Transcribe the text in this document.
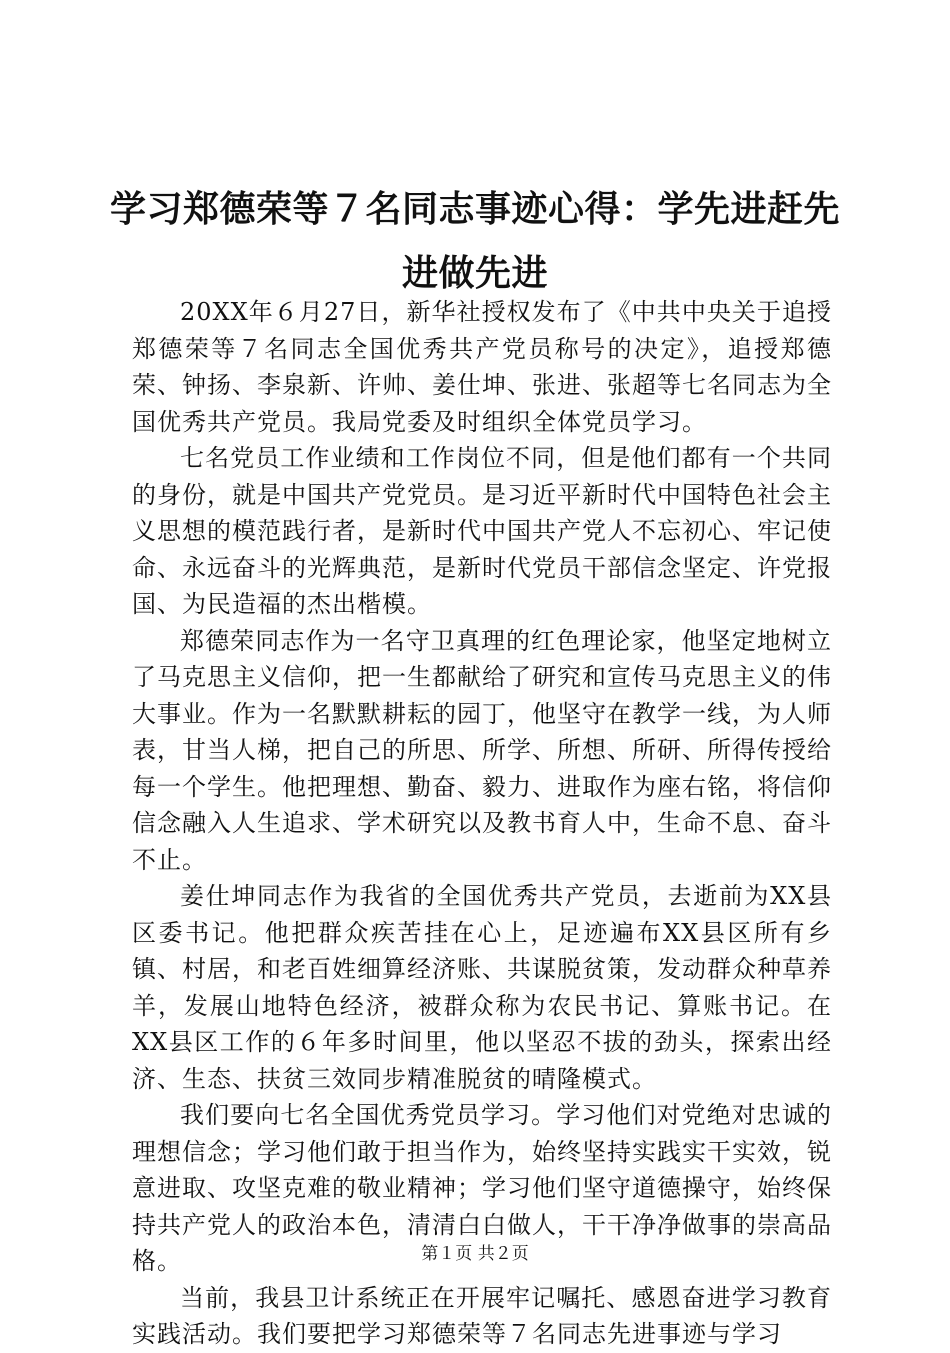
学习郑德荣等７名同志事迹心得：学先进赶先进做先进

20XX年６月27日，新华社授权发布了《中共中央关于追授郑德荣等７名同志全国优秀共产党员称号的决定》，追授郑德荣、钟扬、李泉新、许帅、姜仕坤、张进、张超等七名同志为全国优秀共产党员。我局党委及时组织全体党员学习。

七名党员工作业绩和工作岗位不同，但是他们都有一个共同的身份，就是中国共产党党员。是习近平新时代中国特色社会主义思想的模范践行者，是新时代中国共产党人不忘初心、牢记使命、永远奋斗的光辉典范，是新时代党员干部信念坚定、许党报国、为民造福的杰出楷模。

郑德荣同志作为一名守卫真理的红色理论家，他坚定地树立了马克思主义信仰，把一生都献给了研究和宣传马克思主义的伟大事业。作为一名默默耕耘的园丁，他坚守在教学一线，为人师表，甘当人梯，把自己的所思、所学、所想、所研、所得传授给每一个学生。他把理想、勤奋、毅力、进取作为座右铭，将信仰信念融入人生追求、学术研究以及教书育人中，生命不息、奋斗不止。

姜仕坤同志作为我省的全国优秀共产党员，去逝前为XX县区委书记。他把群众疾苦挂在心上，足迹遍布XX县区所有乡镇、村居，和老百姓细算经济账、共谋脱贫策，发动群众种草养羊，发展山地特色经济，被群众称为农民书记、算账书记。在XX县区工作的６年多时间里，他以坚忍不拔的劲头，探索出经济、生态、扶贫三效同步精准脱贫的晴隆模式。

我们要向七名全国优秀党员学习。学习他们对党绝对忠诚的理想信念；学习他们敢于担当作为，始终坚持实践实干实效，锐意进取、攻坚克难的敬业精神；学习他们坚守道德操守，始终保持共产党人的政治本色，清清白白做人，干干净净做事的崇高品格。

当前，我县卫计系统正在开展牢记嘱托、感恩奋进学习教育实践活动。我们要把学习郑德荣等７名同志先进事迹与学习

第１页 共２页
